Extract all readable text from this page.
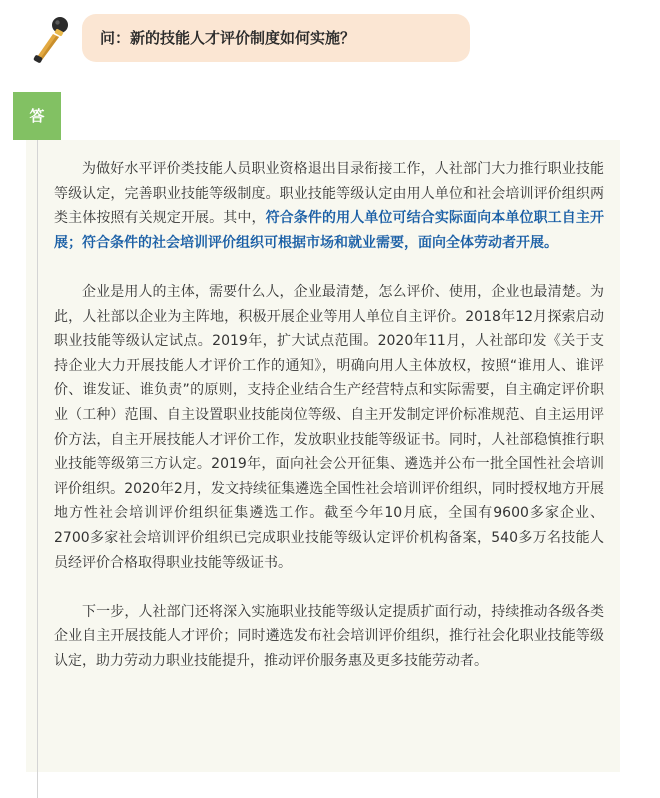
问：新的技能人才评价制度如何实施？
答

为做好水平评价类技能人员职业资格退出目录衔接工作，人社部门大力推行职业技能等级认定，完善职业技能等级制度。职业技能等级认定由用人单位和社会培训评价组织两类主体按照有关规定开展。其中，符合条件的用人单位可结合实际面向本单位职工自主开展；符合条件的社会培训评价组织可根据市场和就业需要，面向全体劳动者开展。

企业是用人的主体，需要什么人，企业最清楚，怎么评价、使用，企业也最清楚。为此，人社部以企业为主阵地，积极开展企业等用人单位自主评价。2018年12月探索启动职业技能等级认定试点。2019年，扩大试点范围。2020年11月，人社部印发《关于支持企业大力开展技能人才评价工作的通知》，明确向用人主体放权，按照“谁用人、谁评价、谁发证、谁负责”的原则，支持企业结合生产经营特点和实际需要，自主确定评价职业（工种）范围、自主设置职业技能岗位等级、自主开发制定评价标准规范、自主运用评价方法，自主开展技能人才评价工作，发放职业技能等级证书。同时，人社部稳慎推行职业技能等级第三方认定。2019年，面向社会公开征集、遴选并公布一批全国性社会培训评价组织。2020年2月，发文持续征集遴选全国性社会培训评价组织，同时授权地方开展地方性社会培训评价组织征集遴选工作。截至今年10月底，全国有9600多家企业、2700多家社会培训评价组织已完成职业技能等级认定评价机构备案，540多万名技能人员经评价合格取得职业技能等级证书。

下一步，人社部门还将深入实施职业技能等级认定提质扩面行动，持续推动各级各类企业自主开展技能人才评价；同时遴选发布社会培训评价组织，推行社会化职业技能等级认定，助力劳动力职业技能提升，推动评价服务惠及更多技能劳动者。
